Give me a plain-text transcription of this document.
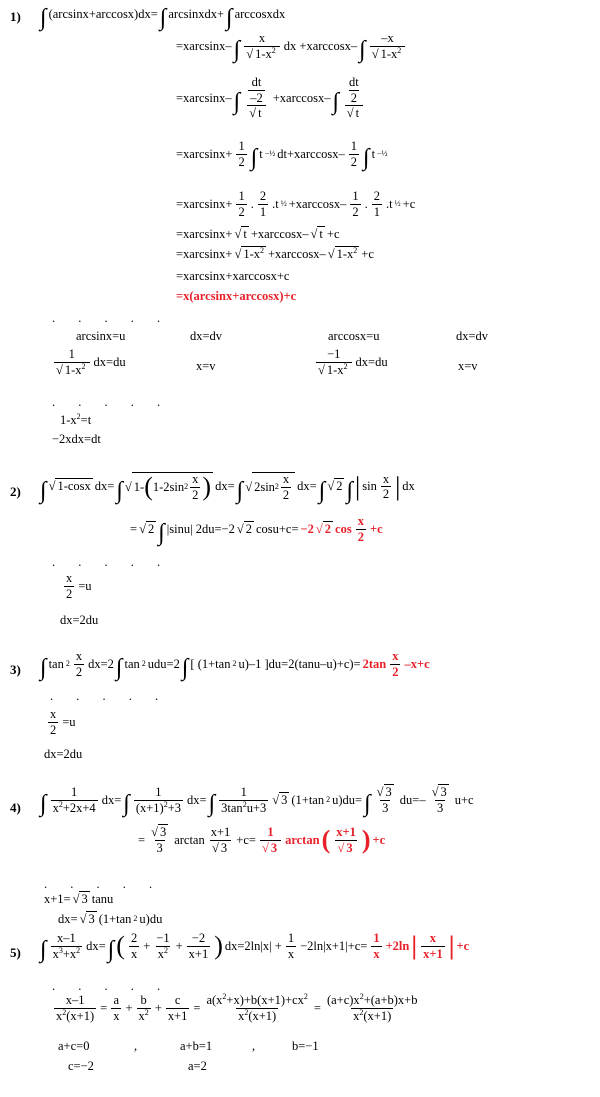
1) ∫ (arcsinx+arccosx)dx= ∫ arcsinxdx+ ∫ arccosxdx
=xarcsinx– ∫ x
√ $1-x^2$ dx +xarccosx– ∫ –x
√ $1-x^2$
=xarcsinx– ∫ $\frac{dt}{-2}$
√ t +xarccosx– ∫ $\frac{dt}{2}$
√ t
$=xarcsinx+ \frac{1}{2}$ ∫ t −½ $dt+xarccosx- \frac{1}{2}$ ∫ t −½
$=xarcsinx+ \frac{1}{2}$ . $\frac{2}{1} .t$ ½ $+xarccosx- \frac{1}{2}$ . $\frac{2}{1} .t$ ½ +c
=xarcsinx+ √ t +xarccosx– √ t +c
=xarcsinx+ √ $1-x^2 +xarccosx-$ √ $1-x^2 +c$
=xarcsinx+xarccosx+c
=x(arcsinx+arccosx)+c
. . . . .
arcsinx=u	dx=dv	arccosx=u	dx=dv
1
√ $1-x^2$ dx=du	x=v	−1
√ $1-x^2$ dx=du	x=v
. . . . .
$1-x^2=t$
−2xdx=dt
2) ∫ √ 1-cosx dx= ∫ √ 1- ( 1-2sin $2 \frac{x}{2}$ ) dx= ∫ √ 2sin $2 \frac{x}{2} dx=$ ∫ √ 2 ∫ | $\sin \frac{x}{2}$ | dx
= √ 2 ∫ |sinu| 2du=−2 √ 2 cosu+c= −2 √ 2 $\cos \frac{x}{2} +c$
. . . . .
$\frac{x}{2} =u$
dx=2du
3) ∫ $\tan 2 \frac{x}{2} dx=2$ ∫ tan 2 udu=2 ∫ [ (1+tan 2 u)–1 ]$du=2(\tan u-u)+c)= 2\tan \frac{x}{2} -x+c$
. . . . .
$\frac{x}{2} =u$
dx=2du
4) ∫ $\frac{1}{x^2+2x+4} dx=$ ∫ $\frac{1}{(x+1)^2+3} dx=$ ∫ $\frac{1}{3\tan^2u+3}$	√ 3 (1+tan 2 u)du= ∫ √ $\frac{3}{3} du=-$ √ $\frac{3}{3} u+c$
= √ $\frac{3}{3}$ arctan x+1
√ 3 +c= 1
√ 3 arctan ( x+1
√ 3 ) +c
. . . . .
x+1= √ 3 tanu
dx= √ 3 (1+tan 2 u)du
5) ∫ $\frac{x-1}{x^3+x^2} dx=$ ∫ ( $\frac{2}{x} + \frac{-1}{x^2} + \frac{-2}{x+1}$ ) $dx=2\ln|x| + \frac{1}{x} -2\ln|x+1|+c= \frac{1}{x} +2\ln$ | $\frac{x}{x+1}$ | +c
. . . . .
$\frac{x-1}{x^2(x+1)} = \frac{a}{x} + \frac{b}{x^2} + \frac{c}{x+1} = \frac{a(x^2+x)+b(x+1)+cx^2}{x^2(x+1)} = \frac{(a+c)x^2+(a+b)x+b}{x^2(x+1)}$
a+c=0	,	a+b=1	,	b=−1
c=−2	a=2
